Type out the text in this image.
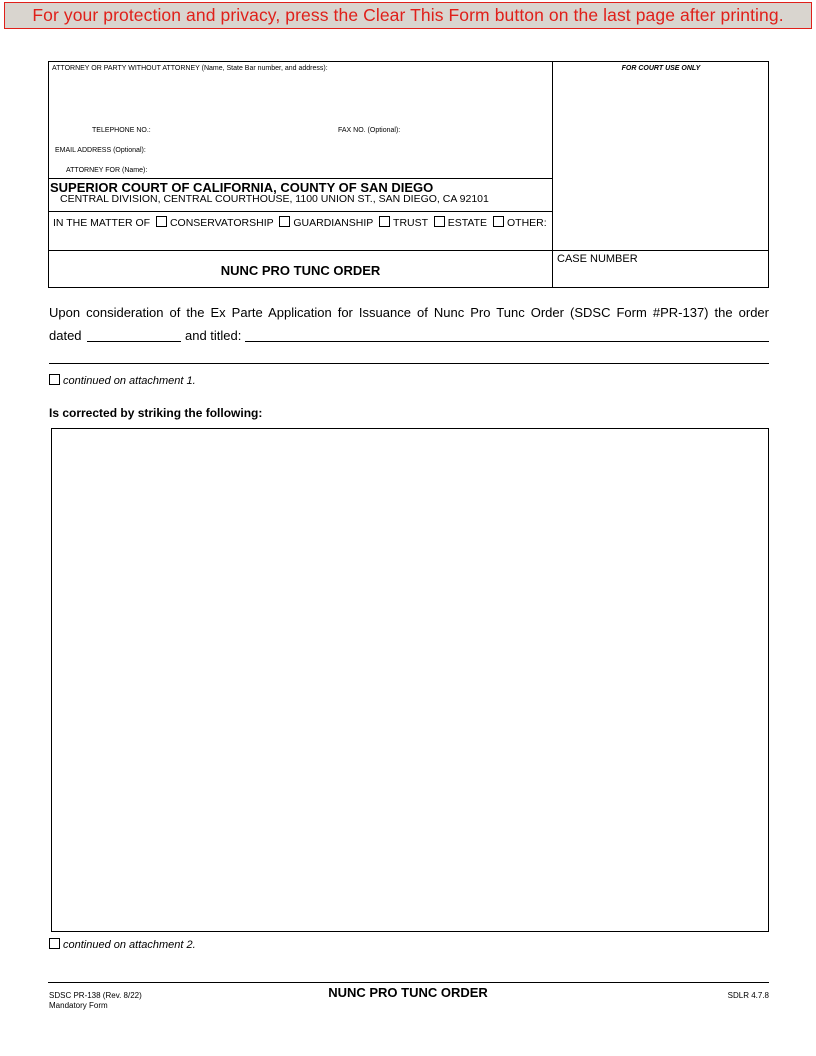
For your protection and privacy, press the Clear This Form button on the last page after printing.
ATTORNEY OR PARTY WITHOUT ATTORNEY (Name, State Bar number, and address):
TELEPHONE NO.:	FAX NO. (Optional):
EMAIL ADDRESS (Optional):
ATTORNEY FOR (Name):
FOR COURT USE ONLY
SUPERIOR COURT OF CALIFORNIA, COUNTY OF SAN DIEGO
CENTRAL DIVISION, CENTRAL COURTHOUSE, 1100 UNION ST., SAN DIEGO, CA 92101
IN THE MATTER OF CONSERVATORSHIP GUARDIANSHIP TRUST ESTATE OTHER:
NUNC PRO TUNC ORDER
CASE NUMBER
Upon consideration of the Ex Parte Application for Issuance of Nunc Pro Tunc Order (SDSC Form #PR-137) the order
dated	and titled:
continued on attachment 1.
Is corrected by striking the following:
continued on attachment 2.
SDSC PR-138 (Rev. 8/22)
Mandatory Form
NUNC PRO TUNC ORDER	SDLR 4.7.8
